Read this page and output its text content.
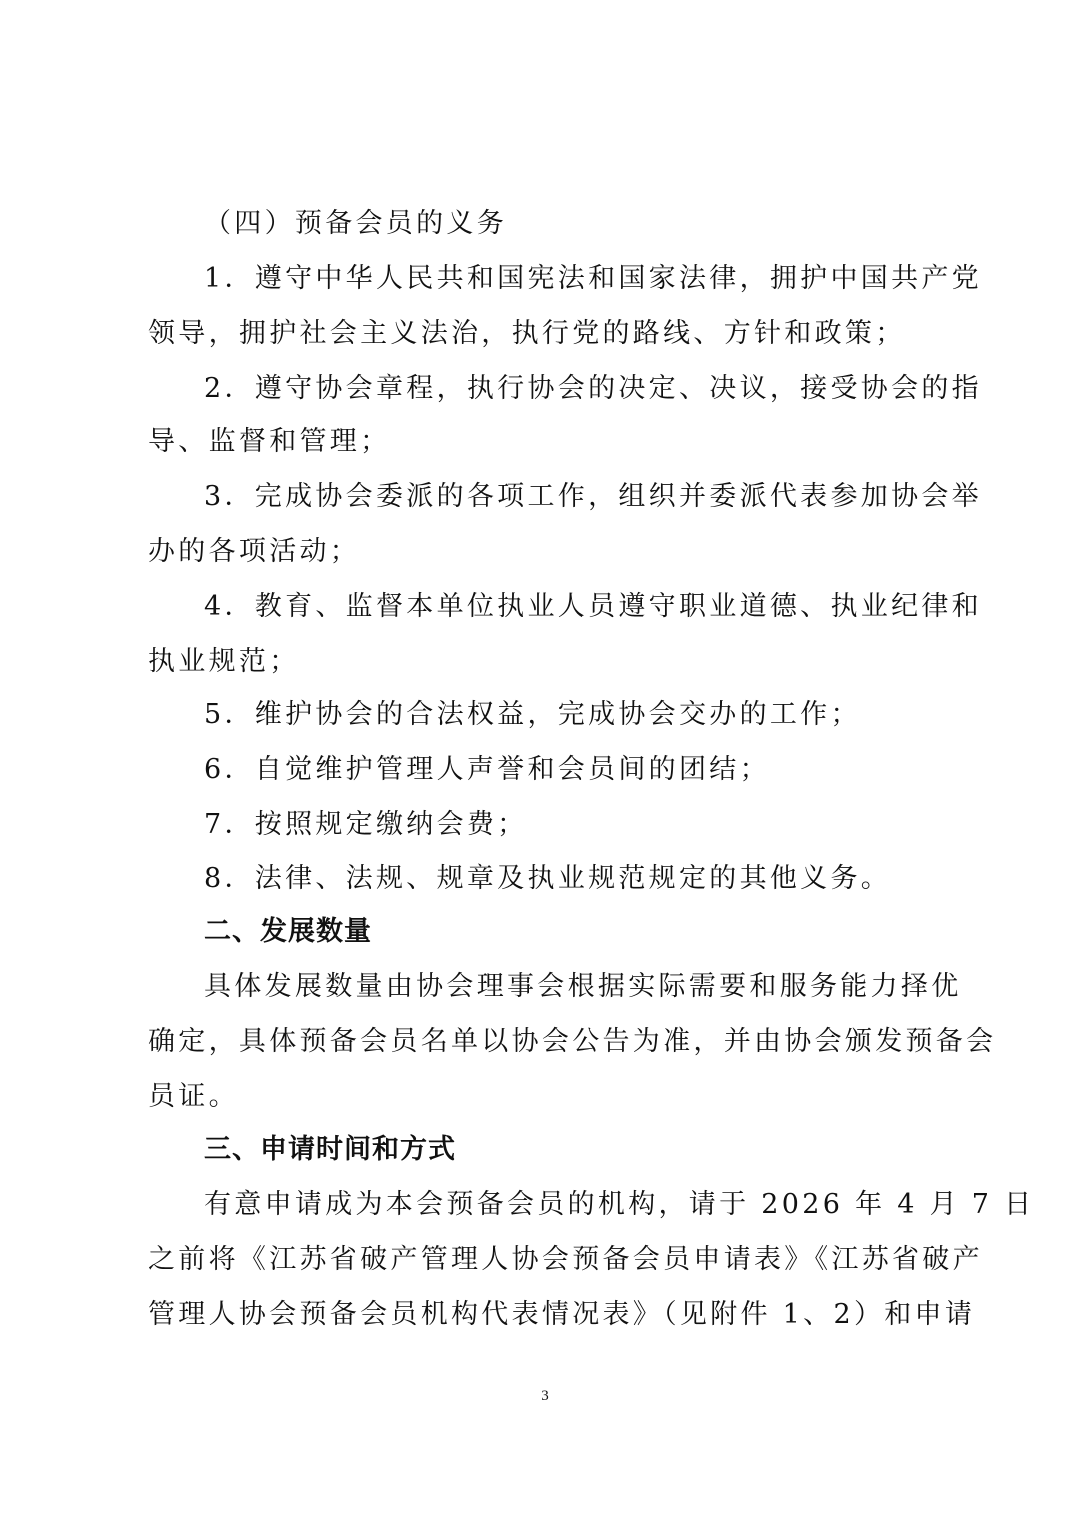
（四）预备会员的义务
1．遵守中华人民共和国宪法和国家法律，拥护中国共产党
领导，拥护社会主义法治，执行党的路线、方针和政策；
2．遵守协会章程，执行协会的决定、决议，接受协会的指
导、监督和管理；
3．完成协会委派的各项工作，组织并委派代表参加协会举
办的各项活动；
4．教育、监督本单位执业人员遵守职业道德、执业纪律和
执业规范；
5．维护协会的合法权益，完成协会交办的工作；
6．自觉维护管理人声誉和会员间的团结；
7．按照规定缴纳会费；
8．法律、法规、规章及执业规范规定的其他义务。
二、发展数量
具体发展数量由协会理事会根据实际需要和服务能力择优
确定，具体预备会员名单以协会公告为准，并由协会颁发预备会
员证。
三、申请时间和方式
有意申请成为本会预备会员的机构，请于 2026 年 4 月 7 日
之前将《江苏省破产管理人协会预备会员申请表》《江苏省破产
管理人协会预备会员机构代表情况表》（见附件 1、2）和申请
3
